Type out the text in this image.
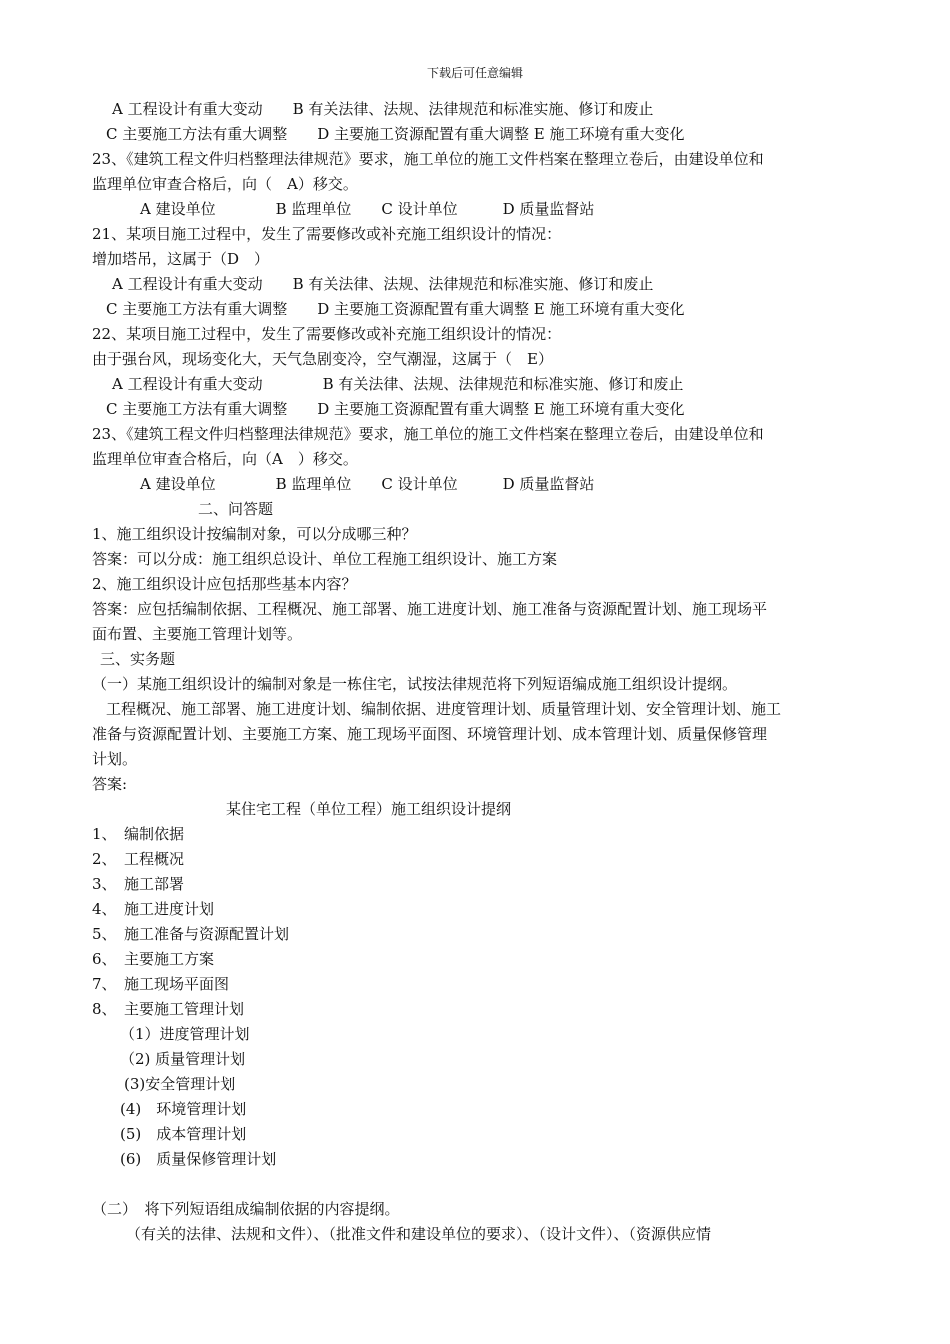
下载后可任意编辑
A 工程设计有重大变动　　B 有关法律、法规、法律规范和标准实施、修订和废止
C 主要施工方法有重大调整　　D 主要施工资源配置有重大调整 E 施工环境有重大变化
23、《建筑工程文件归档整理法律规范》要求，施工单位的施工文件档案在整理立卷后，由建设单位和
监理单位审查合格后，向（　A）移交。
A 建设单位　　　　B 监理单位　　C 设计单位　　　D 质量监督站
21、某项目施工过程中，发生了需要修改或补充施工组织设计的情况：
增加塔吊，这属于（D　）
A 工程设计有重大变动　　B 有关法律、法规、法律规范和标准实施、修订和废止
C 主要施工方法有重大调整　　D 主要施工资源配置有重大调整 E 施工环境有重大变化
22、某项目施工过程中，发生了需要修改或补充施工组织设计的情况：
由于强台风，现场变化大，天气急剧变冷，空气潮湿，这属于（　E）
A 工程设计有重大变动　　　　B 有关法律、法规、法律规范和标准实施、修订和废止
C 主要施工方法有重大调整　　D 主要施工资源配置有重大调整 E 施工环境有重大变化
23、《建筑工程文件归档整理法律规范》要求，施工单位的施工文件档案在整理立卷后，由建设单位和
监理单位审查合格后，向（A　）移交。
A 建设单位　　　　B 监理单位　　C 设计单位　　　D 质量监督站
二、问答题
1、施工组织设计按编制对象，可以分成哪三种？
答案：可以分成：施工组织总设计、单位工程施工组织设计、施工方案
2、施工组织设计应包括那些基本内容？
答案：应包括编制依据、工程概况、施工部署、施工进度计划、施工准备与资源配置计划、施工现场平
面布置、主要施工管理计划等。
三、实务题
（一）某施工组织设计的编制对象是一栋住宅，试按法律规范将下列短语编成施工组织设计提纲。
工程概况、施工部署、施工进度计划、编制依据、进度管理计划、质量管理计划、安全管理计划、施工
准备与资源配置计划、主要施工方案、施工现场平面图、环境管理计划、成本管理计划、质量保修管理
计划。
答案:
某住宅工程（单位工程）施工组织设计提纲
1、　编制依据
2、　工程概况
3、　施工部署
4、　施工进度计划
5、　施工准备与资源配置计划
6、　主要施工方案
7、　施工现场平面图
8、　主要施工管理计划
（1）进度管理计划
（2) 质量管理计划
(3)安全管理计划
(4)　环境管理计划
(5)　成本管理计划
(6)　质量保修管理计划
（二）　将下列短语组成编制依据的内容提纲。
（有关的法律、法规和文件）、（批准文件和建设单位的要求）、（设计文件）、（资源供应情
